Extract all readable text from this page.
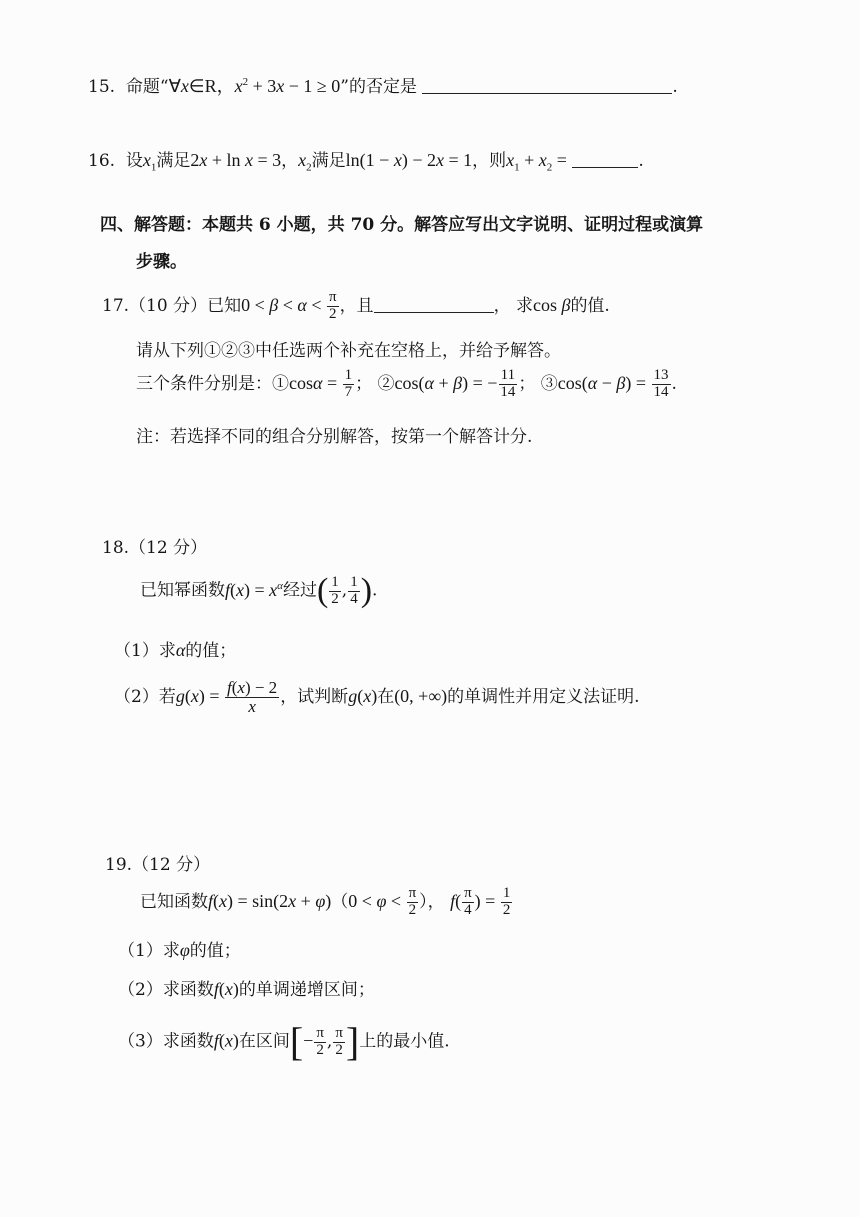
15. 命题“∀x∈R，$x^2 + 3x - 1 \ge 0$”的否定是	.
16. 设$x_1$满足2x + ln x = 3，$x_2$满足ln(1 − x) − 2x = 1，则$x_1 + x_2$ =	.
四、解答题：本题共 6 小题，共 70 分。解答应写出文字说明、证明过程或演算
步骤。
17.（10 分）已知$0 < \beta < \alpha < \frac{\pi}{2}$ ，且	， 求cos β的值.
请从下列①②③中任选两个补充在空格上，并给予解答。
三个条件分别是：①cosα = $\frac{1}{7}$ ； ②cos(α + β) = − $\frac{11}{14}$ ； ③cos(α − $\beta) = \frac{13}{14}$ .
注：若选择不同的组合分别解答，按第一个解答计分.
18.（12 分）
已知幂函数$f(x) = x^\alpha$经过( $\frac{1}{2}$ , $\frac{1}{4}$ ).
（1）求α的值；
（2）若$g(x) = \frac{f(x) - 2}{x}$ ，试判断g(x)在(0, +∞)的单调性并用定义法证明.
19.（12 分）
已知函数$f(x) = \sin(2x + \varphi)(0 < \varphi < \frac{\pi}{2}$ ）， $f( \frac{\pi}{4}$ ) = $\frac{1}{2}$
（1）求φ的值；
（2）求函数f(x)的单调递增区间；
（3）求函数f(x)在区间[− $\frac{\pi}{2}$ , $\frac{\pi}{2}$ ]上的最小值.
